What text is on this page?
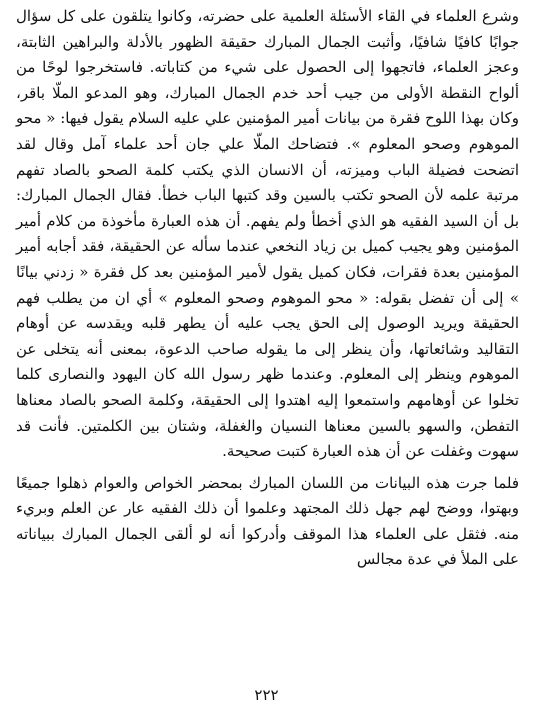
وشرع العلماء في القاء الأسئلة العلمية على حضرته، وكانوا يتلقون على كل سؤال جوابًا كافيًا شافيًا، وأثبت الجمال المبارك حقيقة الظهور بالأدلة والبراهين الثابتة، وعجز العلماء، فاتجهوا إلى الحصول على شيء من كتاباته. فاستخرجوا لوحًا من ألواح النقطة الأولى من جيب أحد خدم الجمال المبارك، وهو المدعو الملّا باقر، وكان بهذا اللوح فقرة من بيانات أمير المؤمنين علي عليه السلام يقول فيها: « محو الموهوم وصحو المعلوم ». فتضاحك الملّا علي جان أحد علماء آمل وقال لقد اتضحت فضيلة الباب وميزته، أن الانسان الذي يكتب كلمة الصحو بالصاد تفهم مرتبة علمه لأن الصحو تكتب بالسين وقد كتبها الباب خطأ. فقال الجمال المبارك: بل أن السيد الفقيه هو الذي أخطأ ولم يفهم. أن هذه العبارة مأخوذة من كلام أمير المؤمنين وهو يجيب كميل بن زياد النخعي عندما سأله عن الحقيقة، فقد أجابه أمير المؤمنين بعدة فقرات، فكان كميل يقول لأمير المؤمنين بعد كل فقرة « زدني بيانًا » إلى أن تفضل بقوله: « محو الموهوم وصحو المعلوم » أي ان من يطلب فهم الحقيقة ويريد الوصول إلى الحق يجب عليه أن يطهر قلبه ويقدسه عن أوهام التقاليد وشائعاتها، وأن ينظر إلى ما يقوله صاحب الدعوة، بمعنى أنه يتخلى عن الموهوم وينظر إلى المعلوم. وعندما ظهر رسول الله كان اليهود والنصارى كلما تخلوا عن أوهامهم واستمعوا إليه اهتدوا إلى الحقيقة، وكلمة الصحو بالصاد معناها التفطن، والسهو بالسين معناها النسيان والغفلة، وشتان بين الكلمتين. فأنت قد سهوت وغفلت عن أن هذه العبارة كتبت صحيحة.

فلما جرت هذه البيانات من اللسان المبارك بمحضر الخواص والعوام ذهلوا جميعًا وبهتوا، ووضح لهم جهل ذلك المجتهد وعلموا أن ذلك الفقيه عار عن العلم وبريء منه. فثقل على العلماء هذا الموقف وأدركوا أنه لو ألقى الجمال المبارك ببياناته على الملأ في عدة مجالس

٢٢٢
